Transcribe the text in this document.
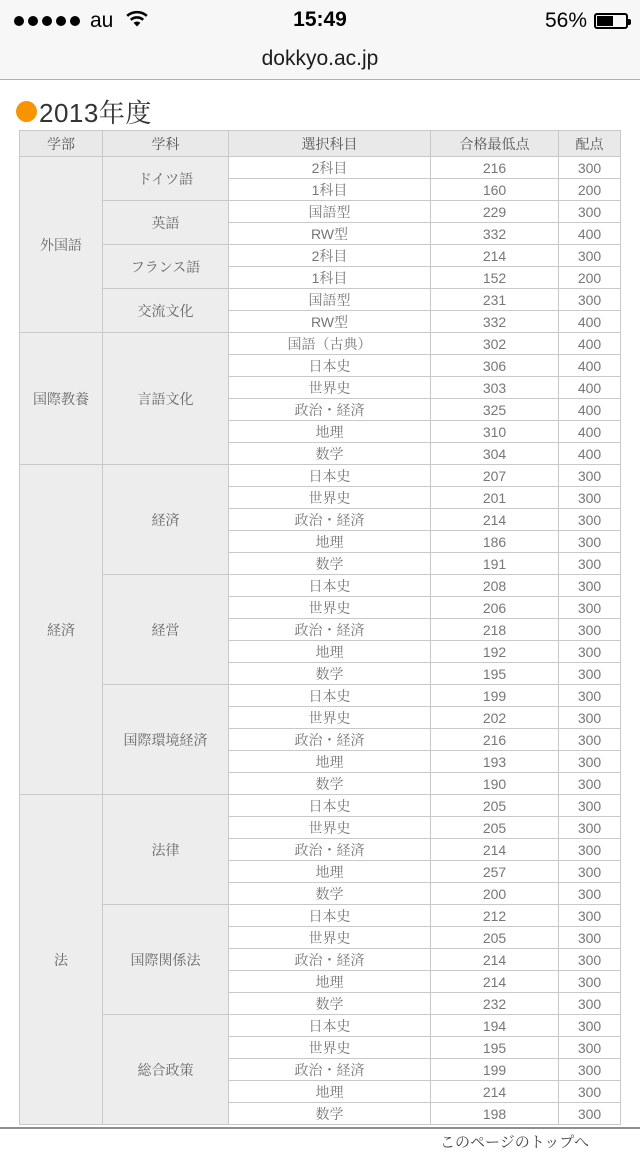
au	15:49	56%
dokkyo.ac.jp
2013年度
学部	学科	選択科目	合格最低点	配点
外国語	ドイツ語	2科目	216	300
		1科目	160	200
	英語	国語型	229	300
		RW型	332	400
	フランス語	2科目	214	300
		1科目	152	200
	交流文化	国語型	231	300
		RW型	332	400
国際教養	言語文化	国語（古典）	302	400
		日本史	306	400
		世界史	303	400
		政治・経済	325	400
		地理	310	400
		数学	304	400
経済	経済	日本史	207	300
		世界史	201	300
		政治・経済	214	300
		地理	186	300
		数学	191	300
	経営	日本史	208	300
		世界史	206	300
		政治・経済	218	300
		地理	192	300
		数学	195	300
	国際環境経済	日本史	199	300
		世界史	202	300
		政治・経済	216	300
		地理	193	300
		数学	190	300
法	法律	日本史	205	300
		世界史	205	300
		政治・経済	214	300
		地理	257	300
		数学	200	300
	国際関係法	日本史	212	300
		世界史	205	300
		政治・経済	214	300
		地理	214	300
		数学	232	300
	総合政策	日本史	194	300
		世界史	195	300
		政治・経済	199	300
		地理	214	300
		数学	198	300
このページのトップへ
